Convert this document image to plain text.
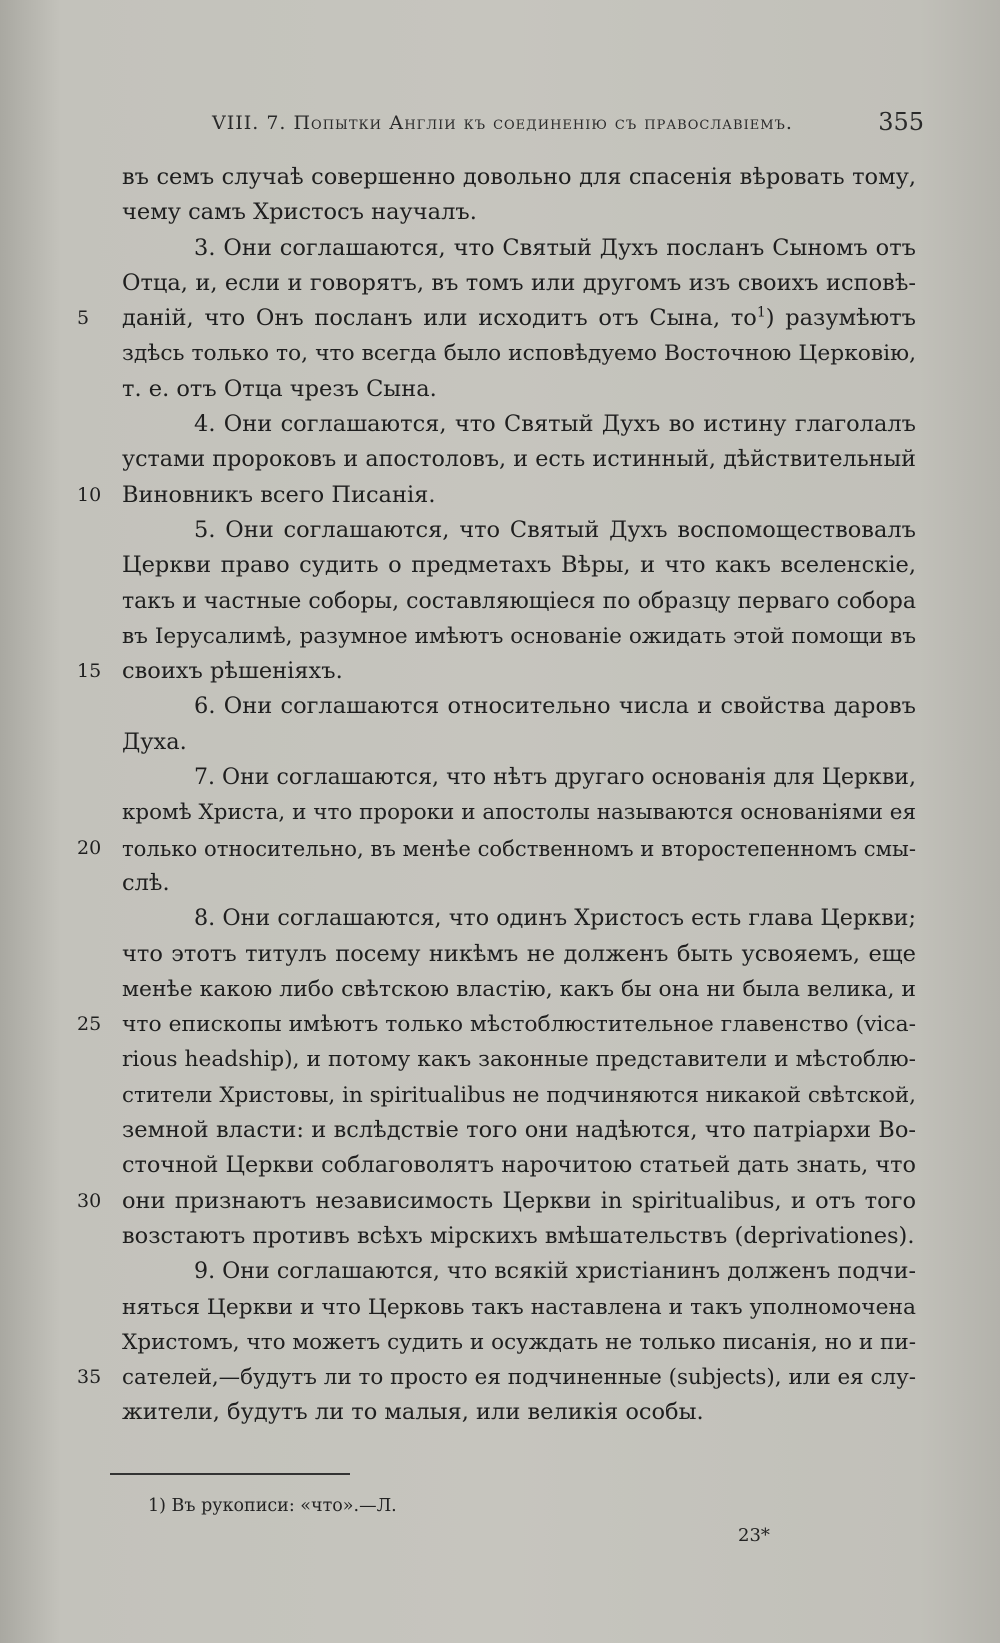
VIII. 7. Попытки Англiи къ соединенiю съ православiемъ.	355
въ семъ случаѣ совершенно довольно для спасенiя вѣровать тому,
чему самъ Христосъ научалъ.
3. Они соглашаются, что Святый Духъ посланъ Сыномъ отъ
Отца, и, если и говорятъ, въ томъ или другомъ изъ своихъ исповѣ-
5	данiй, что Онъ посланъ или исходитъ отъ Сына, то$^1$) разумѣютъ
здѣсь только то, что всегда было исповѣдуемо Восточною Церковiю,
т. е. отъ Отца чрезъ Сына.
4. Они соглашаются, что Святый Духъ во истину глаголалъ
устами пророковъ и апостоловъ, и есть истинный, дѣйствительный
10 Виновникъ всего Писанiя.
5. Они соглашаются, что Святый Духъ воспомоществовалъ
Церкви право судить о предметахъ Вѣры, и что какъ вселенскiе,
такъ и частные соборы, составляющiеся по образцу перваго собора
въ Iерусалимѣ, разумное имѣютъ основанiе ожидать этой помощи въ
15 своихъ рѣшенiяхъ.
6. Они соглашаются относительно числа и свойства даровъ
Духа.
7. Они соглашаются, что нѣтъ другаго основанiя для Церкви,
кромѣ Христа, и что пророки и апостолы называются основанiями ея
20 только относительно, въ менѣе собственномъ и второстепенномъ смы-
слѣ.
8. Они соглашаются, что одинъ Христосъ есть глава Церкви;
что этотъ титулъ посему никѣмъ не долженъ быть усвояемъ, еще
менѣе какою либо свѣтскою властiю, какъ бы она ни была велика, и
25 что епископы имѣютъ только мѣстоблюстительное главенство (vica-
rious headship), и потому какъ законные представители и мѣстоблю-
стители Христовы, in spiritualibus не подчиняются никакой свѣтской,
земной власти: и вслѣдствiе того они надѣются, что патрiархи Во-
сточной Церкви соблаговолятъ нарочитою статьей дать знать, что
30 они признаютъ независимость Церкви in spiritualibus, и отъ того
возстаютъ противъ всѣхъ мiрскихъ вмѣшательствъ (deprivationes).
9. Они соглашаются, что всякiй христiанинъ долженъ подчи-
няться Церкви и что Церковь такъ наставлена и такъ уполномочена
Христомъ, что можетъ судить и осуждать не только писанiя, но и пи-
35 сателей,—будутъ ли то просто ея подчиненные (subjects), или ея слу-
жители, будутъ ли то малыя, или великiя особы.
1) Въ рукописи: «что».—Л.
23*
